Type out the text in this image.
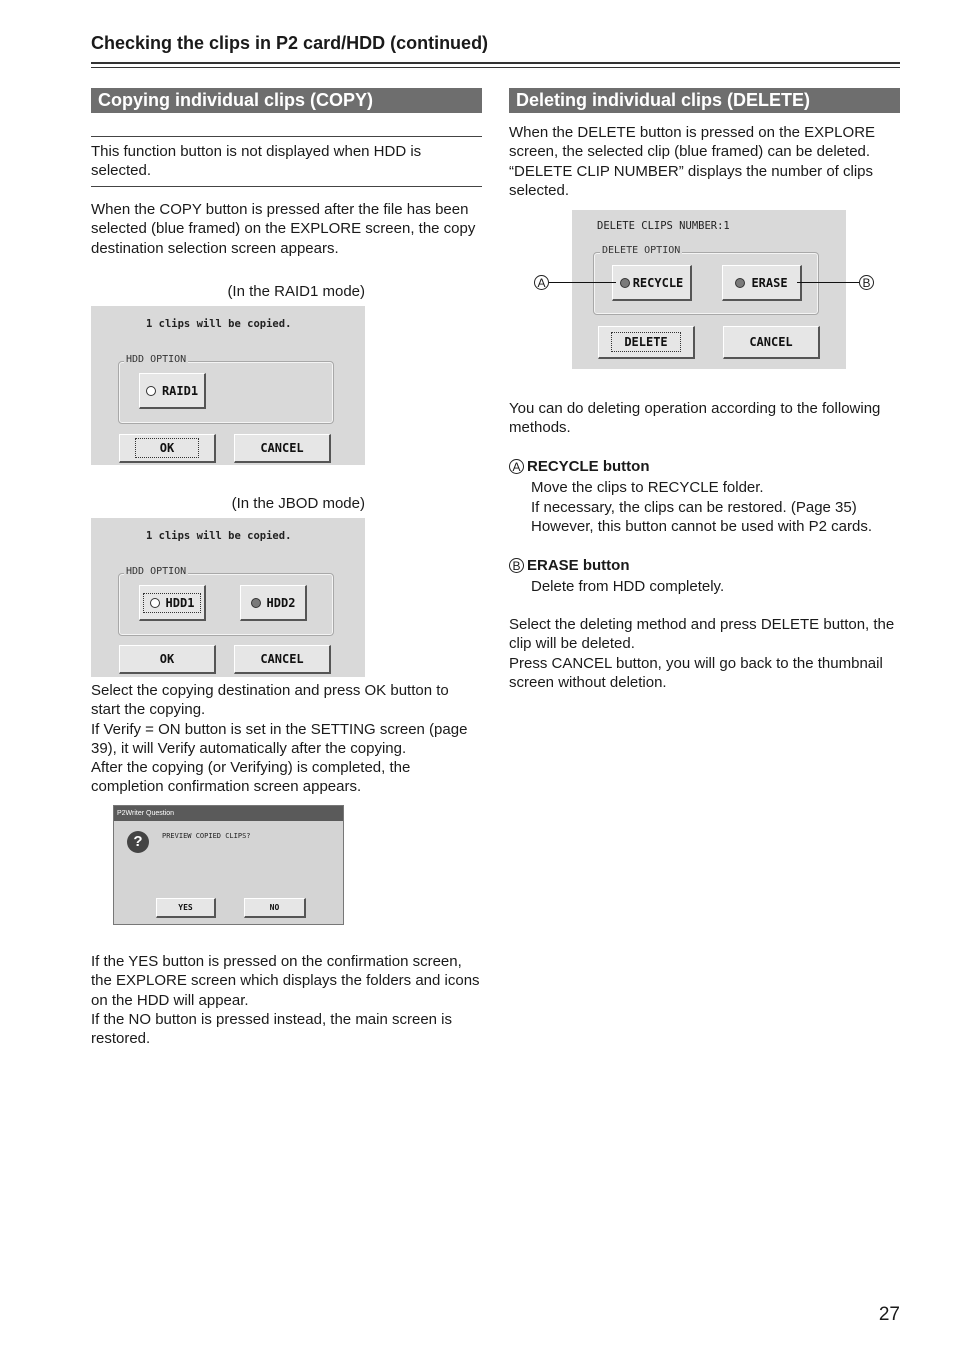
Checking the clips in P2 card/HDD (continued)
Copying individual clips (COPY)

This function button is not displayed when HDD is selected.

When the COPY button is pressed after the file has been selected (blue framed) on the EXPLORE screen, the copy destination selection screen appears.

(In the RAID1 mode)

1 clips will be copied.
HDD OPTION
RAID1
OK	CANCEL

(In the JBOD mode)

1 clips will be copied.
HDD OPTION
HDD1	HDD2
OK	CANCEL

Select the copying destination and press OK button to start the copying.

If Verify = ON button is set in the SETTING screen (page 39), it will Verify automatically after the copying.

After the copying (or Verifying) is completed, the completion confirmation screen appears.

P2Writer Question
?	PREVIEW COPIED CLIPS?
YES	NO

If the YES button is pressed on the confirmation screen, the EXPLORE screen which displays the folders and icons on the HDD will appear.

If the NO button is pressed instead, the main screen is restored.

Deleting individual clips (DELETE)

When the DELETE button is pressed on the EXPLORE screen, the selected clip (blue framed) can be deleted. “DELETE CLIP NUMBER” displays the number of clips selected.

DELETE CLIPS NUMBER:1
DELETE OPTION
RECYCLE	ERASE
DELETE	CANCEL
A	B

You can do deleting operation according to the following methods.

A RECYCLE button

Move the clips to RECYCLE folder.

If necessary, the clips can be restored. (Page 35)

However, this button cannot be used with P2 cards.

B ERASE button

Delete from HDD completely.

Select the deleting method and press DELETE button, the clip will be deleted.

Press CANCEL button, you will go back to the thumbnail screen without deletion.

27
